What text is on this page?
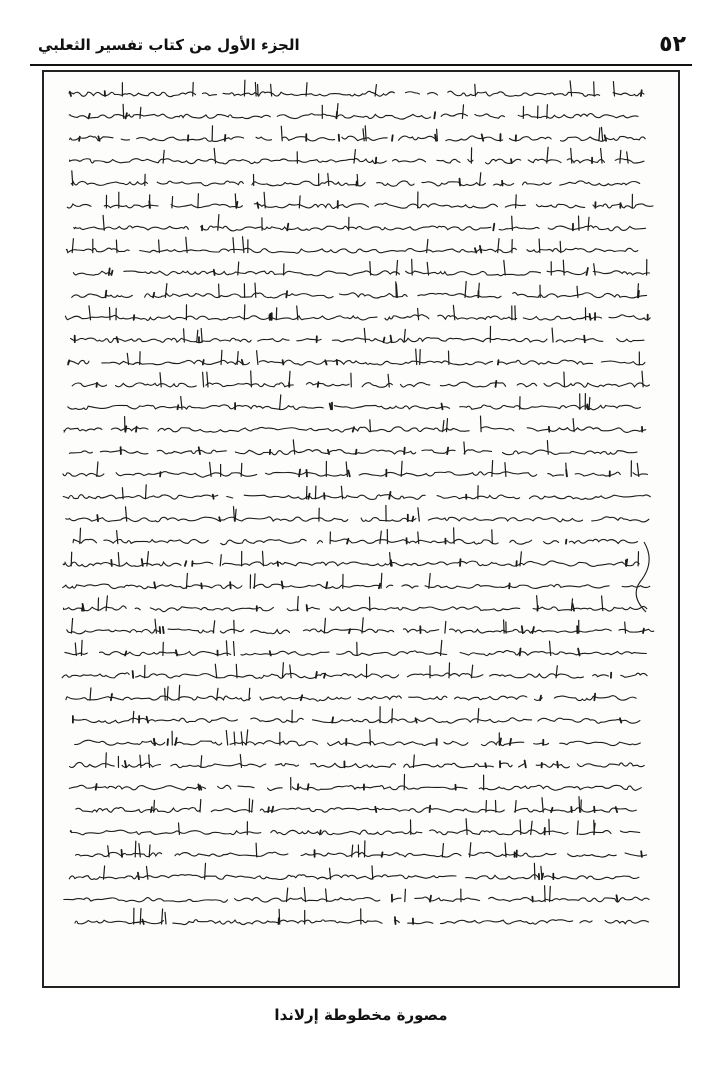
٥٢
الجزء الأول من كتاب تفسير الثعلبي
مصورة مخطوطة إرلاندا
